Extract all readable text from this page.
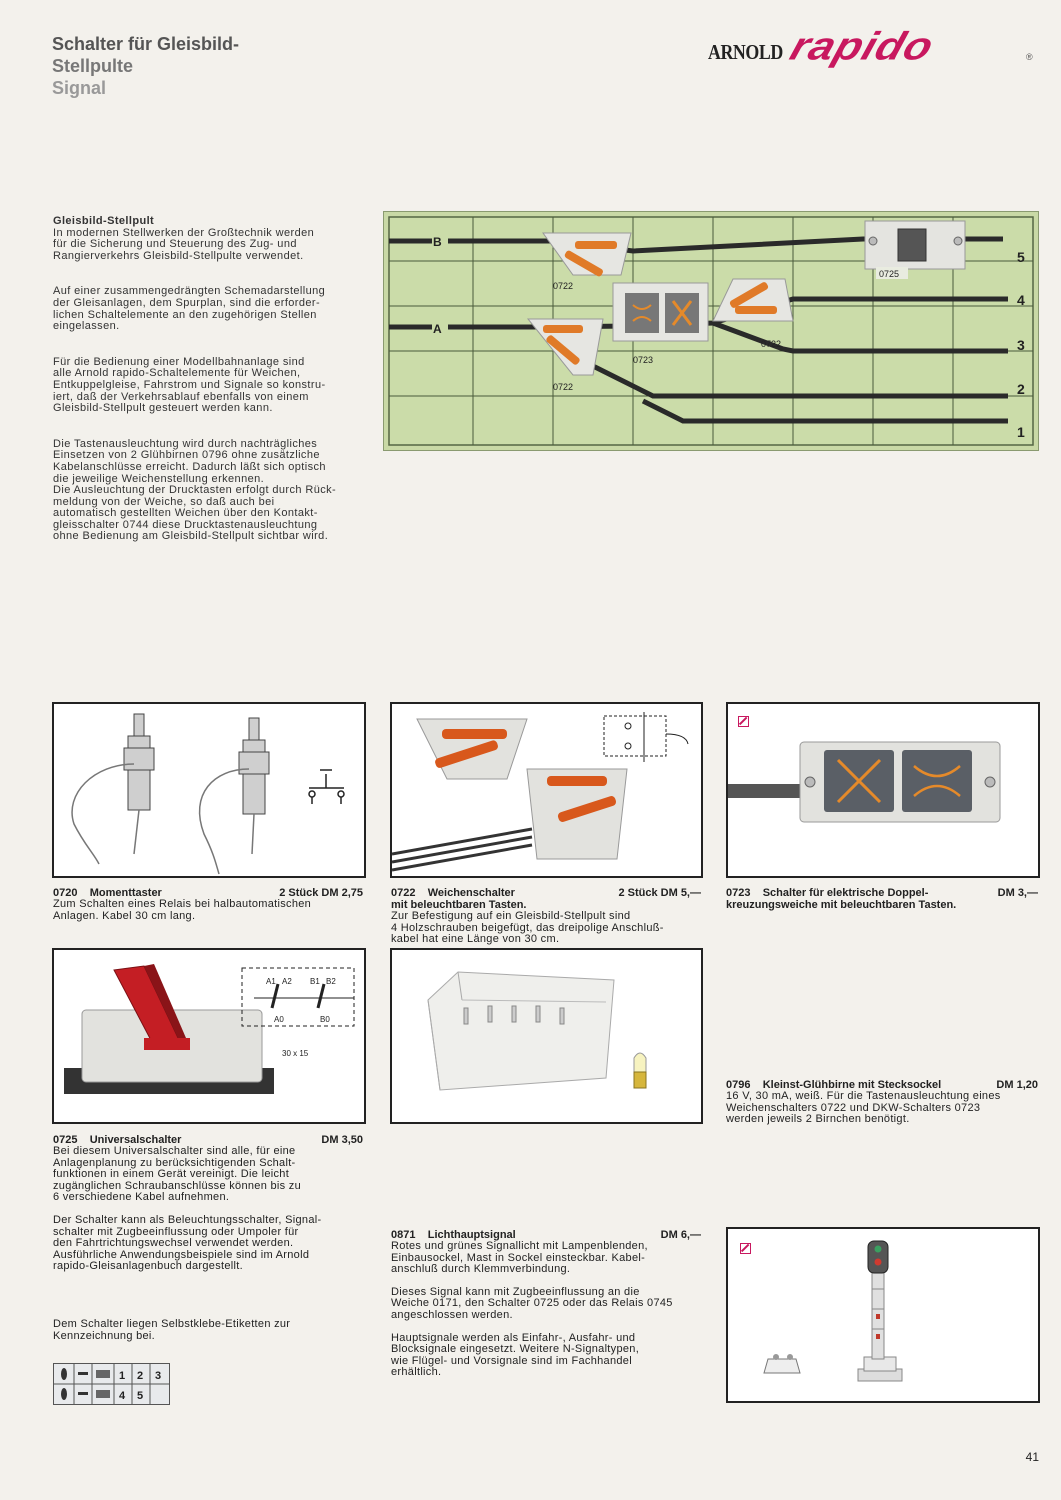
Schalter für Gleisbild-
Stellpulte
Signal
ARNOLD rapido	®

Gleisbild-Stellpult

In modernen Stellwerken der Großtechnik werden
für die Sicherung und Steuerung des Zug- und
Rangierverkehrs Gleisbild-Stellpulte verwendet.

Auf einer zusammengedrängten Schemadarstellung
der Gleisanlagen, dem Spurplan, sind die erforder-
lichen Schaltelemente an den zugehörigen Stellen
eingelassen.

Für die Bedienung einer Modellbahnanlage sind
alle Arnold rapido-Schaltelemente für Weichen,
Entkuppelgleise, Fahrstrom und Signale so konstru-
iert, daß der Verkehrsablauf ebenfalls von einem
Gleisbild-Stellpult gesteuert werden kann.

Die Tastenausleuchtung wird durch nachträgliches
Einsetzen von 2 Glühbirnen 0796 ohne zusätzliche
Kabelanschlüsse erreicht. Dadurch läßt sich optisch
die jeweilige Weichenstellung erkennen.
Die Ausleuchtung der Drucktasten erfolgt durch Rück-
meldung von der Weiche, so daß auch bei
automatisch gestellten Weichen über den Kontakt-
gleisschalter 0744 diese Drucktastenausleuchtung
ohne Bedienung am Gleisbild-Stellpult sichtbar wird.

B
A
5
4
3
2
1
0725
0722
0723
0722
0722
0720 Momenttaster	2 Stück DM 2,75
Zum Schalten eines Relais bei halbautomatischen
Anlagen. Kabel 30 cm lang.
0722 Weichenschalter	2 Stück DM 5,—
mit beleuchtbaren Tasten.
Zur Befestigung auf ein Gleisbild-Stellpult sind
4 Holzschrauben beigefügt, das dreipolige Anschluß-
kabel hat eine Länge von 30 cm.
0723 Schalter für elektrische Doppel-	DM 3,—
kreuzungsweiche mit beleuchtbaren Tasten.
A1 A2 B1 B2
A0	B0
30 x 15
0725 Universalschalter	DM 3,50
Bei diesem Universalschalter sind alle, für eine
Anlagenplanung zu berücksichtigenden Schalt-
funktionen in einem Gerät vereinigt. Die leicht
zugänglichen Schraubanschlüsse können bis zu
6 verschiedene Kabel aufnehmen.
Der Schalter kann als Beleuchtungsschalter, Signal-
schalter mit Zugbeeinflussung oder Umpoler für
den Fahrtrichtungswechsel verwendet werden.
Ausführliche Anwendungsbeispiele sind im Arnold
rapido-Gleisanlagenbuch dargestellt.
Dem Schalter liegen Selbstklebe-Etiketten zur
Kennzeichnung bei.
1 2 3
4 5
0796 Kleinst-Glühbirne mit Stecksockel	DM 1,20
16 V, 30 mA, weiß. Für die Tastenausleuchtung eines
Weichenschalters 0722 und DKW-Schalters 0723
werden jeweils 2 Birnchen benötigt.
0871 Lichthauptsignal	DM 6,—
Rotes und grünes Signallicht mit Lampenblenden,
Einbausockel, Mast in Sockel einsteckbar. Kabel-
anschluß durch Klemmverbindung.
Dieses Signal kann mit Zugbeeinflussung an die
Weiche 0171, den Schalter 0725 oder das Relais 0745
angeschlossen werden.
Hauptsignale werden als Einfahr-, Ausfahr- und
Blocksignale eingesetzt. Weitere N-Signaltypen,
wie Flügel- und Vorsignale sind im Fachhandel
erhältlich.
41
